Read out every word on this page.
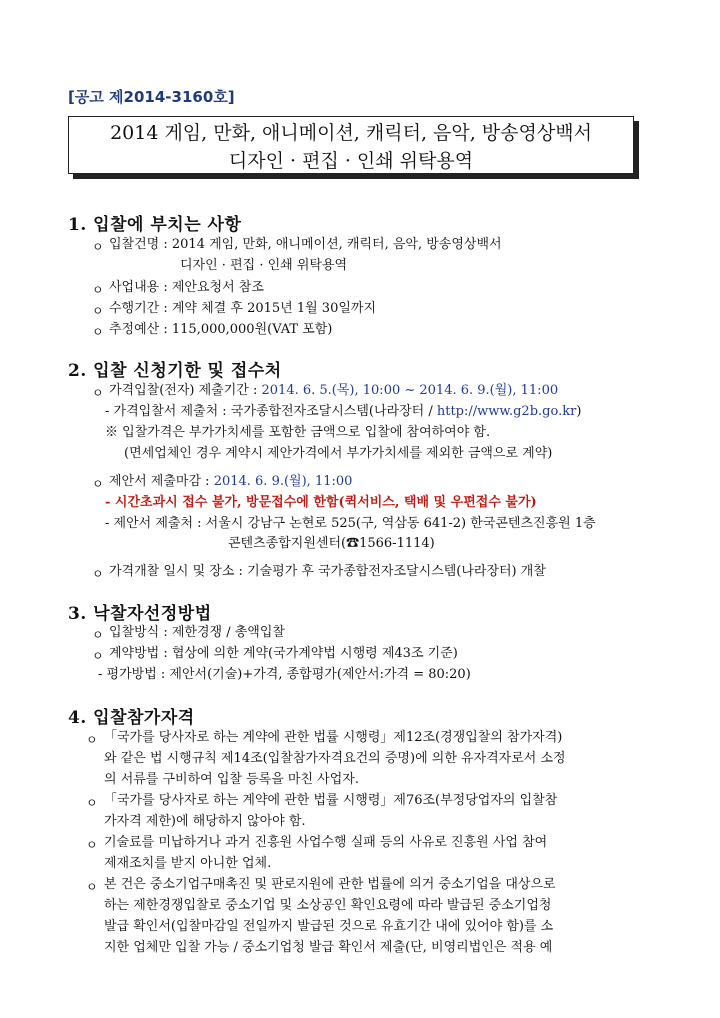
[공고 제2014-3160호]
2014 게임, 만화, 애니메이션, 캐릭터, 음악, 방송영상백서
디자인 · 편집 · 인쇄 위탁용역
1. 입찰에 부치는 사항
ㅇ 입찰건명 : 2014 게임, 만화, 애니메이션, 캐릭터, 음악, 방송영상백서
디자인 · 편집 · 인쇄 위탁용역
ㅇ 사업내용 : 제안요청서 참조
ㅇ 수행기간 : 계약 체결 후 2015년 1월 30일까지
ㅇ 추정예산 : 115,000,000원(VAT 포함)
2. 입찰 신청기한 및 접수처
ㅇ 가격입찰(전자) 제출기간 : 2014. 6. 5.(목), 10:00 ~ 2014. 6. 9.(월), 11:00
- 가격입찰서 제출처 : 국가종합전자조달시스템(나라장터 / http://www.g2b.go.kr)
※ 입찰가격은 부가가치세를 포함한 금액으로 입찰에 참여하여야 함.
(면세업체인 경우 계약시 제안가격에서 부가가치세를 제외한 금액으로 계약)
ㅇ 제안서 제출마감 : 2014. 6. 9.(월), 11:00
- 시간초과시 접수 불가, 방문접수에 한함(퀵서비스, 택배 및 우편접수 불가)
- 제안서 제출처 : 서울시 강남구 논현로 525(구, 역삼동 641-2) 한국콘텐츠진흥원 1층
콘텐츠종합지원센터(☎1566-1114)
ㅇ 가격개찰 일시 및 장소 : 기술평가 후 국가종합전자조달시스템(나라장터) 개찰
3. 낙찰자선정방법
ㅇ 입찰방식 : 제한경쟁 / 총액입찰
ㅇ 계약방법 : 협상에 의한 계약(국가계약법 시행령 제43조 기준)
- 평가방법 : 제안서(기술)+가격, 종합평가(제안서:가격 = 80:20)
4. 입찰참가자격
ㅇ 「국가를 당사자로 하는 계약에 관한 법률 시행령」제12조(경쟁입찰의 참가자격)
와 같은 법 시행규칙 제14조(입찰참가자격요건의 증명)에 의한 유자격자로서 소정
의 서류를 구비하여 입찰 등록을 마친 사업자.
ㅇ 「국가를 당사자로 하는 계약에 관한 법률 시행령」제76조(부정당업자의 입찰참
가자격 제한)에 해당하지 않아야 함.
ㅇ 기술료를 미납하거나 과거 진흥원 사업수행 실패 등의 사유로 진흥원 사업 참여
제재조치를 받지 아니한 업체.
ㅇ 본 건은 중소기업구매촉진 및 판로지원에 관한 법률에 의거 중소기업을 대상으로
하는 제한경쟁입찰로 중소기업 및 소상공인 확인요령에 따라 발급된 중소기업청
발급 확인서(입찰마감일 전일까지 발급된 것으로 유효기간 내에 있어야 함)를 소
지한 업체만 입찰 가능 / 중소기업청 발급 확인서 제출(단, 비영리법인은 적용 예
